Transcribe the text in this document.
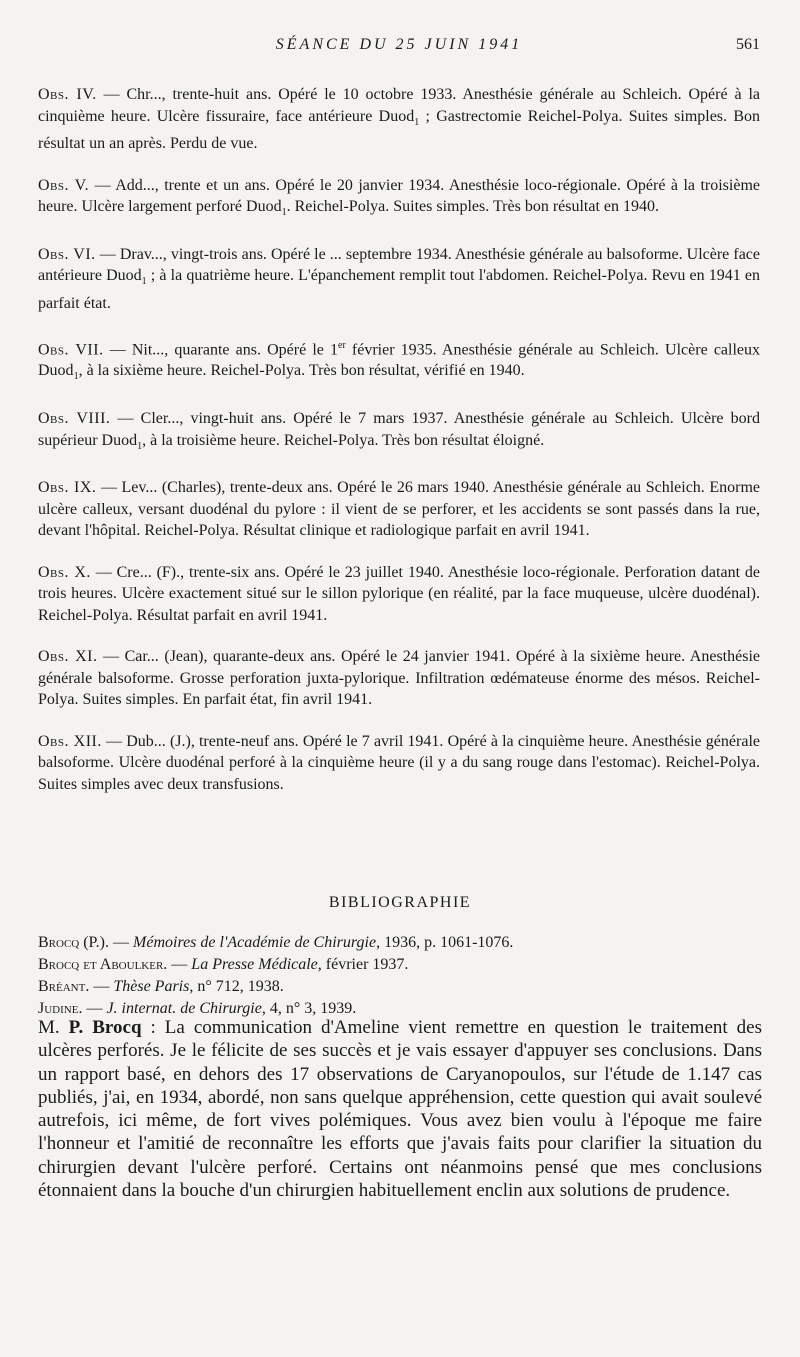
SÉANCE DU 25 JUIN 1941	561

Obs. IV. — Chr..., trente-huit ans. Opéré le 10 octobre 1933. Anesthésie générale au Schleich. Opéré à la cinquième heure. Ulcère fissuraire, face antérieure Duod$_1$ ; Gastrectomie Reichel-Polya. Suites simples. Bon résultat un an après. Perdu de vue.

Obs. V. — Add..., trente et un ans. Opéré le 20 janvier 1934. Anesthésie loco-régionale. Opéré à la troisième heure. Ulcère largement perforé Duod$_1$. Reichel-Polya. Suites simples. Très bon résultat en 1940.

Obs. VI. — Drav..., vingt-trois ans. Opéré le ... septembre 1934. Anesthésie générale au balsoforme. Ulcère face antérieure Duod$_1$ ; à la quatrième heure. L'épanchement remplit tout l'abdomen. Reichel-Polya. Revu en 1941 en parfait état.

Obs. VII. — Nit..., quarante ans. Opéré le 1er février 1935. Anesthésie générale au Schleich. Ulcère calleux Duod$_1$, à la sixième heure. Reichel-Polya. Très bon résultat, vérifié en 1940.

Obs. VIII. — Cler..., vingt-huit ans. Opéré le 7 mars 1937. Anesthésie générale au Schleich. Ulcère bord supérieur Duod$_1$, à la troisième heure. Reichel-Polya. Très bon résultat éloigné.

Obs. IX. — Lev... (Charles), trente-deux ans. Opéré le 26 mars 1940. Anesthésie générale au Schleich. Enorme ulcère calleux, versant duodénal du pylore : il vient de se perforer, et les accidents se sont passés dans la rue, devant l'hôpital. Reichel-Polya. Résultat clinique et radiologique parfait en avril 1941.

Obs. X. — Cre... (F)., trente-six ans. Opéré le 23 juillet 1940. Anesthésie loco-régionale. Perforation datant de trois heures. Ulcère exactement situé sur le sillon pylorique (en réalité, par la face muqueuse, ulcère duodénal). Reichel-Polya. Résultat parfait en avril 1941.

Obs. XI. — Car... (Jean), quarante-deux ans. Opéré le 24 janvier 1941. Opéré à la sixième heure. Anesthésie générale balsoforme. Grosse perforation juxta-pylorique. Infiltration œdémateuse énorme des mésos. Reichel-Polya. Suites simples. En parfait état, fin avril 1941.

Obs. XII. — Dub... (J.), trente-neuf ans. Opéré le 7 avril 1941. Opéré à la cinquième heure. Anesthésie générale balsoforme. Ulcère duodénal perforé à la cinquième heure (il y a du sang rouge dans l'estomac). Reichel-Polya. Suites simples avec deux transfusions.

BIBLIOGRAPHIE

Brocq (P.). — Mémoires de l'Académie de Chirurgie, 1936, p. 1061-1076.

Brocq et Aboulker. — La Presse Médicale, février 1937.

Bréant. — Thèse Paris, n° 712, 1938.

Judine. — J. internat. de Chirurgie, 4, n° 3, 1939.

M. P. Brocq : La communication d'Ameline vient remettre en question le traitement des ulcères perforés. Je le félicite de ses succès et je vais essayer d'appuyer ses conclusions. Dans un rapport basé, en dehors des 17 observations de Caryanopoulos, sur l'étude de 1.147 cas publiés, j'ai, en 1934, abordé, non sans quelque appréhension, cette question qui avait soulevé autrefois, ici même, de fort vives polémiques. Vous avez bien voulu à l'époque me faire l'honneur et l'amitié de reconnaître les efforts que j'avais faits pour clarifier la situation du chirurgien devant l'ulcère perforé. Certains ont néanmoins pensé que mes conclusions étonnaient dans la bouche d'un chirurgien habituellement enclin aux solutions de prudence.
